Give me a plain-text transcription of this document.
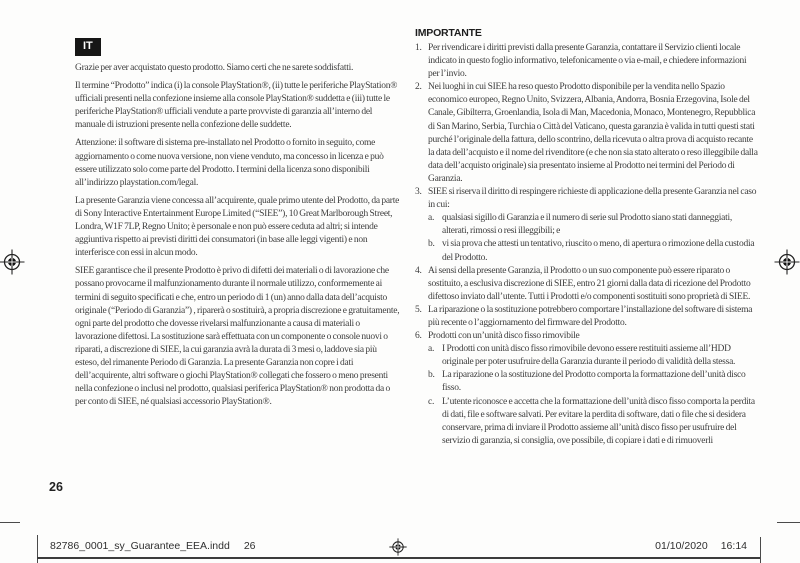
IT

Grazie per aver acquistato questo prodotto. Siamo certi che ne sarete soddisfatti.

Il termine “Prodotto” indica (i) la console PlayStation®, (ii) tutte le periferiche PlayStation® ufficiali presenti nella confezione insieme alla console PlayStation® suddetta e (iii) tutte le periferiche PlayStation® ufficiali vendute a parte provviste di garanzia all’interno del manuale di istruzioni presente nella confezione delle suddette.

Attenzione: il software di sistema pre-installato nel Prodotto o fornito in seguito, come aggiornamento o come nuova versione, non viene venduto, ma concesso in licenza e può essere utilizzato solo come parte del Prodotto. I termini della licenza sono disponibili all’indirizzo playstation.com/legal.

La presente Garanzia viene concessa all’acquirente, quale primo utente del Prodotto, da parte di Sony Interactive Entertainment Europe Limited (“SIEE”), 10 Great Marlborough Street, Londra, W1F 7LP, Regno Unito; è personale e non può essere ceduta ad altri; si intende aggiuntiva rispetto ai previsti diritti dei consumatori (in base alle leggi vigenti) e non interferisce con essi in alcun modo.

SIEE garantisce che il presente Prodotto è privo di difetti dei materiali o di lavorazione che possano provocarne il malfunzionamento durante il normale utilizzo, conformemente ai termini di seguito specificati e che, entro un periodo di 1 (un) anno dalla data dell’acquisto originale (“Periodo di Garanzia”) , riparerà o sostituirà, a propria discrezione e gratuitamente, ogni parte del prodotto che dovesse rivelarsi malfunzionante a causa di materiali o lavorazione difettosi. La sostituzione sarà effettuata con un componente o console nuovi o riparati, a discrezione di SIEE, la cui garanzia avrà la durata di 3 mesi o, laddove sia più esteso, del rimanente Periodo di Garanzia. La presente Garanzia non copre i dati dell’acquirente, altri software o giochi PlayStation® collegati che fossero o meno presenti nella confezione o inclusi nel prodotto, qualsiasi periferica PlayStation® non prodotta da o per conto di SIEE, né qualsiasi accessorio PlayStation®.

IMPORTANTE
1. Per rivendicare i diritti previsti dalla presente Garanzia, contattare il Servizio clienti locale indicato in questo foglio informativo, telefonicamente o via e-mail, e chiedere informazioni per l’invio.
2. Nei luoghi in cui SIEE ha reso questo Prodotto disponibile per la vendita nello Spazio economico europeo, Regno Unito, Svizzera, Albania, Andorra, Bosnia Erzegovina, Isole del Canale, Gibilterra, Groenlandia, Isola di Man, Macedonia, Monaco, Montenegro, Repubblica di San Marino, Serbia, Turchia o Città del Vaticano, questa garanzia è valida in tutti questi stati purché l’originale della fattura, dello scontrino, della ricevuta o altra prova di acquisto recante la data dell’acquisto e il nome del rivenditore (e che non sia stato alterato o reso illeggibile dalla data dell’acquisto originale) sia presentato insieme al Prodotto nei termini del Periodo di Garanzia.
3. SIEE si riserva il diritto di respingere richieste di applicazione della presente Garanzia nel caso in cui:
a. qualsiasi sigillo di Garanzia e il numero di serie sul Prodotto siano stati danneggiati, alterati, rimossi o resi illeggibili; e
b. vi sia prova che attesti un tentativo, riuscito o meno, di apertura o rimozione della custodia del Prodotto.
4. Ai sensi della presente Garanzia, il Prodotto o un suo componente può essere riparato o sostituito, a esclusiva discrezione di SIEE, entro 21 giorni dalla data di ricezione del Prodotto difettoso inviato dall’utente. Tutti i Prodotti e/o componenti sostituiti sono proprietà di SIEE.
5. La riparazione o la sostituzione potrebbero comportare l’installazione del software di sistema più recente o l’aggiornamento del firmware del Prodotto.
6. Prodotti con un’unità disco fisso rimovibile
a. I Prodotti con unità disco fisso rimovibile devono essere restituiti assieme all’HDD originale per poter usufruire della Garanzia durante il periodo di validità della stessa.
b. La riparazione o la sostituzione del Prodotto comporta la formattazione dell’unità disco fisso.
c. L’utente riconosce e accetta che la formattazione dell’unità disco fisso comporta la perdita di dati, file e software salvati. Per evitare la perdita di software, dati o file che si desidera conservare, prima di inviare il Prodotto assieme all’unità disco fisso per usufruire del servizio di garanzia, si consiglia, ove possibile, di copiare i dati e di rimuoverli
26
82786_0001_sy_Guarantee_EEA.indd 26	01/10/2020 16:14
